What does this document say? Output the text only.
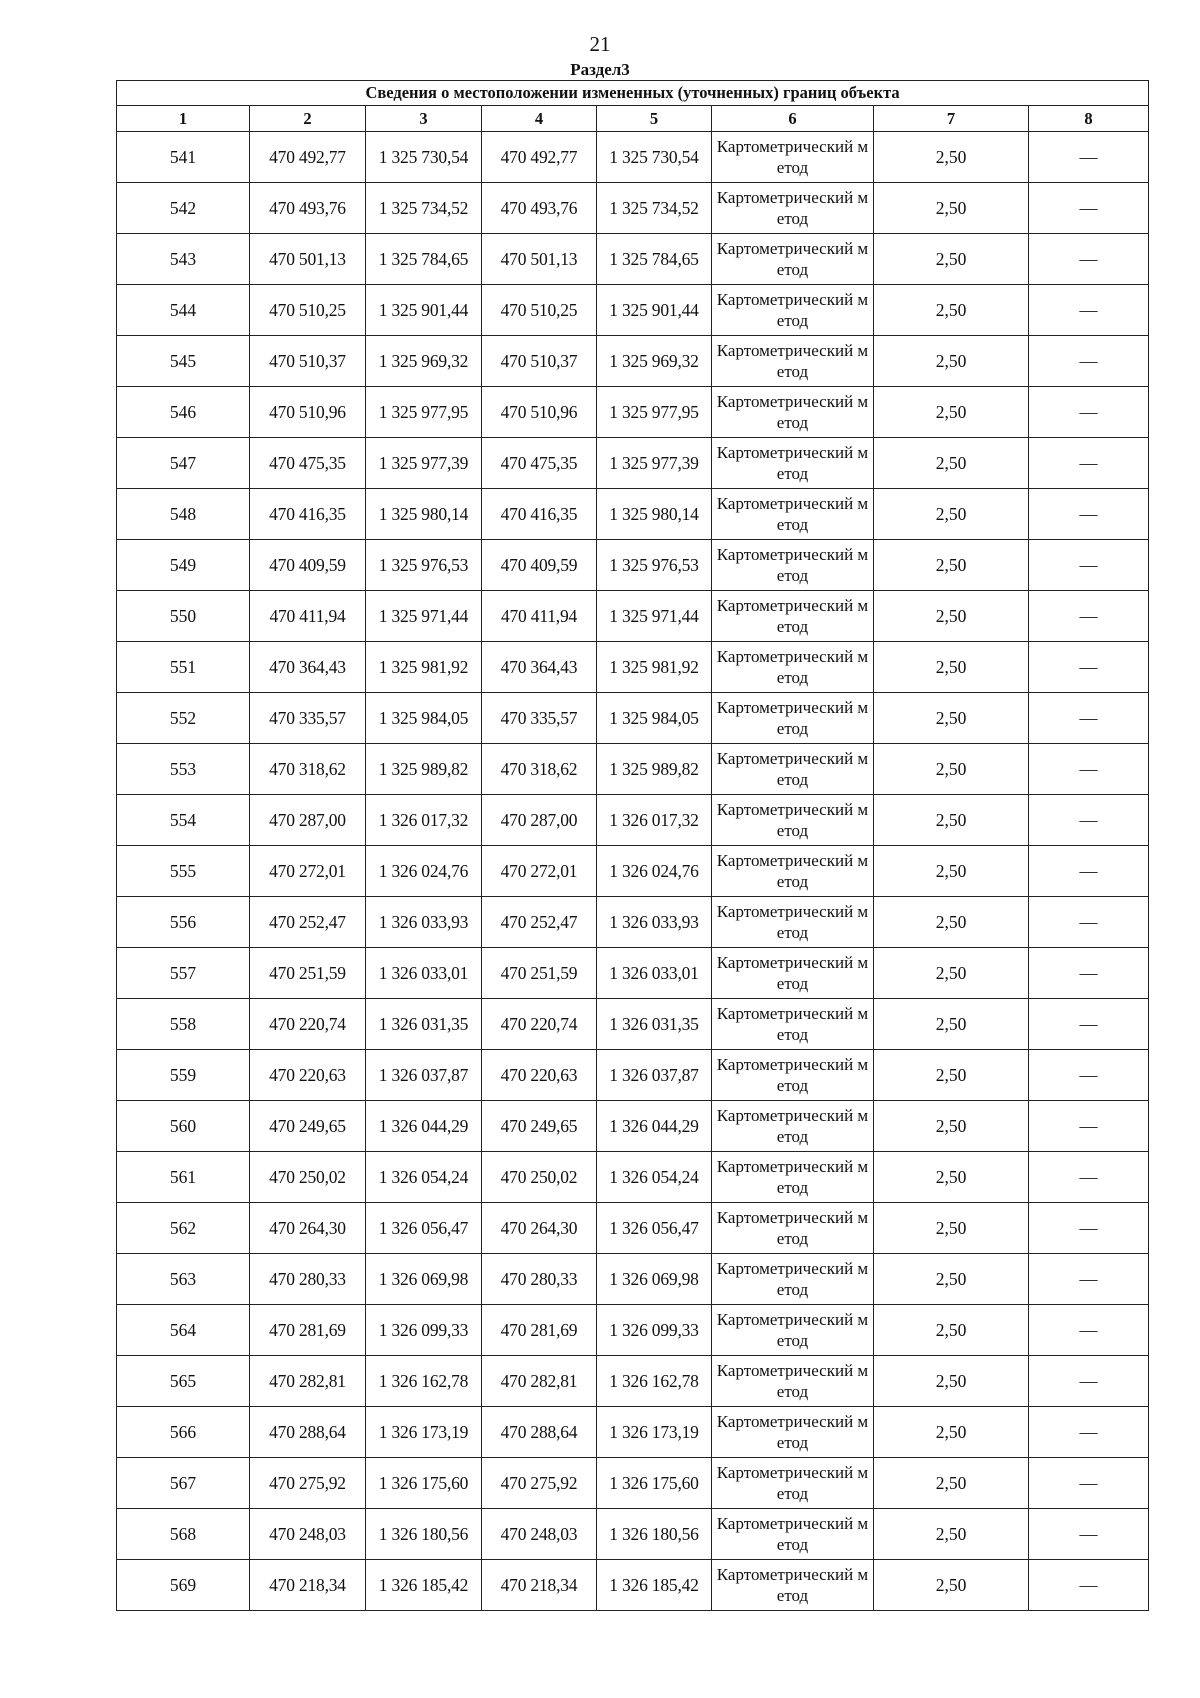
21
Раздел3
Сведения о местоположении измененных (уточненных) границ объекта							
1	2	3	4	5	6	7	8
541	470 492,77	1 325 730,54	470 492,77	1 325 730,54	Картометрический метод	2,50	—
542	470 493,76	1 325 734,52	470 493,76	1 325 734,52	Картометрический метод	2,50	—
543	470 501,13	1 325 784,65	470 501,13	1 325 784,65	Картометрический метод	2,50	—
544	470 510,25	1 325 901,44	470 510,25	1 325 901,44	Картометрический метод	2,50	—
545	470 510,37	1 325 969,32	470 510,37	1 325 969,32	Картометрический метод	2,50	—
546	470 510,96	1 325 977,95	470 510,96	1 325 977,95	Картометрический метод	2,50	—
547	470 475,35	1 325 977,39	470 475,35	1 325 977,39	Картометрический метод	2,50	—
548	470 416,35	1 325 980,14	470 416,35	1 325 980,14	Картометрический метод	2,50	—
549	470 409,59	1 325 976,53	470 409,59	1 325 976,53	Картометрический метод	2,50	—
550	470 411,94	1 325 971,44	470 411,94	1 325 971,44	Картометрический метод	2,50	—
551	470 364,43	1 325 981,92	470 364,43	1 325 981,92	Картометрический метод	2,50	—
552	470 335,57	1 325 984,05	470 335,57	1 325 984,05	Картометрический метод	2,50	—
553	470 318,62	1 325 989,82	470 318,62	1 325 989,82	Картометрический метод	2,50	—
554	470 287,00	1 326 017,32	470 287,00	1 326 017,32	Картометрический метод	2,50	—
555	470 272,01	1 326 024,76	470 272,01	1 326 024,76	Картометрический метод	2,50	—
556	470 252,47	1 326 033,93	470 252,47	1 326 033,93	Картометрический метод	2,50	—
557	470 251,59	1 326 033,01	470 251,59	1 326 033,01	Картометрический метод	2,50	—
558	470 220,74	1 326 031,35	470 220,74	1 326 031,35	Картометрический метод	2,50	—
559	470 220,63	1 326 037,87	470 220,63	1 326 037,87	Картометрический метод	2,50	—
560	470 249,65	1 326 044,29	470 249,65	1 326 044,29	Картометрический метод	2,50	—
561	470 250,02	1 326 054,24	470 250,02	1 326 054,24	Картометрический метод	2,50	—
562	470 264,30	1 326 056,47	470 264,30	1 326 056,47	Картометрический метод	2,50	—
563	470 280,33	1 326 069,98	470 280,33	1 326 069,98	Картометрический метод	2,50	—
564	470 281,69	1 326 099,33	470 281,69	1 326 099,33	Картометрический метод	2,50	—
565	470 282,81	1 326 162,78	470 282,81	1 326 162,78	Картометрический метод	2,50	—
566	470 288,64	1 326 173,19	470 288,64	1 326 173,19	Картометрический метод	2,50	—
567	470 275,92	1 326 175,60	470 275,92	1 326 175,60	Картометрический метод	2,50	—
568	470 248,03	1 326 180,56	470 248,03	1 326 180,56	Картометрический метод	2,50	—
569	470 218,34	1 326 185,42	470 218,34	1 326 185,42	Картометрический метод	2,50	—
